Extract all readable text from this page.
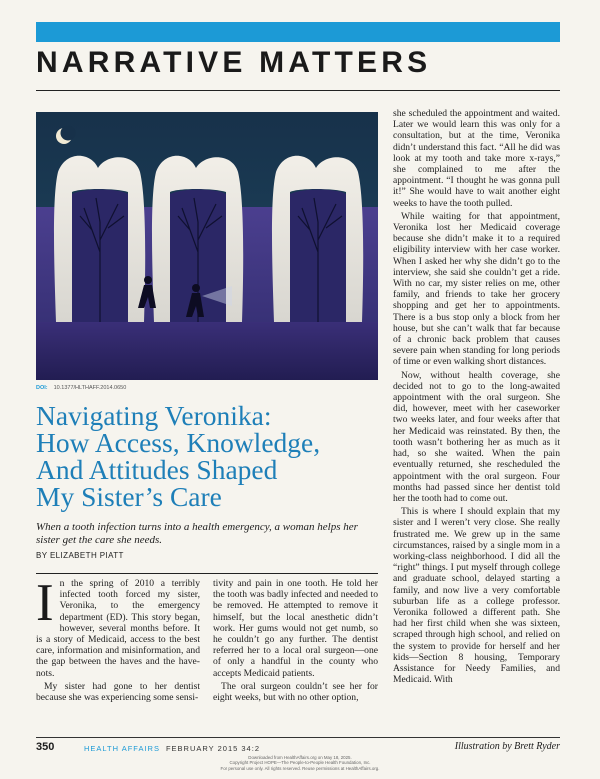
NARRATIVE MATTERS
DOI: 10.1377/HLTHAFF.2014.0650
Navigating Veronika:
How Access, Knowledge,
And Attitudes Shaped
My Sister’s Care
When a tooth infection turns into a health emergency, a woman helps her sister get the care she needs.
BY ELIZABETH PIATT

In the spring of 2010 a terribly infected tooth forced my sister, Veronika, to the emergency department (ED). This story began, however, several months before. It is a story of Medicaid, access to the best care, information and misinformation, and the gap between the haves and the have-nots.

My sister had gone to her dentist because she was experiencing some sensi-

tivity and pain in one tooth. He told her the tooth was badly infected and needed to be removed. He attempted to remove it himself, but the local anesthetic didn’t work. Her gums would not get numb, so he couldn’t go any further. The dentist referred her to a local oral surgeon—one of only a handful in the county who accepts Medicaid patients.

The oral surgeon couldn’t see her for eight weeks, but with no other option,

she scheduled the appointment and waited. Later we would learn this was only for a consultation, but at the time, Veronika didn’t understand this fact. “All he did was look at my tooth and take more x-rays,” she complained to me after the appointment. “I thought he was gonna pull it!” She would have to wait another eight weeks to have the tooth pulled.

While waiting for that appointment, Veronika lost her Medicaid coverage because she didn’t make it to a required eligibility interview with her case worker. When I asked her why she didn’t go to the interview, she said she couldn’t get a ride. With no car, my sister relies on me, other family, and friends to take her grocery shopping and get her to appointments. There is a bus stop only a block from her house, but she can’t walk that far because of a chronic back problem that causes severe pain when standing for long periods of time or even walking short distances.

Now, without health coverage, she decided not to go to the long-awaited appointment with the oral surgeon. She did, however, meet with her caseworker two weeks later, and four weeks after that her Medicaid was reinstated. By then, the tooth wasn’t bothering her as much as it had, so she waited. When the pain eventually returned, she rescheduled the appointment with the oral surgeon. Four months had passed since her dentist told her the tooth had to come out.

This is where I should explain that my sister and I weren’t very close. She really frustrated me. We grew up in the same circumstances, raised by a single mom in a working-class neighborhood. I did all the “right” things. I put myself through college and graduate school, delayed starting a family, and now live a very comfortable suburban life as a college professor. Veronika followed a different path. She had her first child when she was sixteen, scraped through high school, and relied on the system to provide for herself and her kids—Section 8 housing, Temporary Assistance for Needy Families, and Medicaid. With

350	HEALTH AFFAIRS FEBRUARY 2015 34:2	Illustration by Brett Ryder
Downloaded from HealthAffairs.org on May 18, 2025.
Copyright Project HOPE—The People-to-People Health Foundation, Inc.
For personal use only. All rights reserved. Reuse permissions at HealthAffairs.org.
